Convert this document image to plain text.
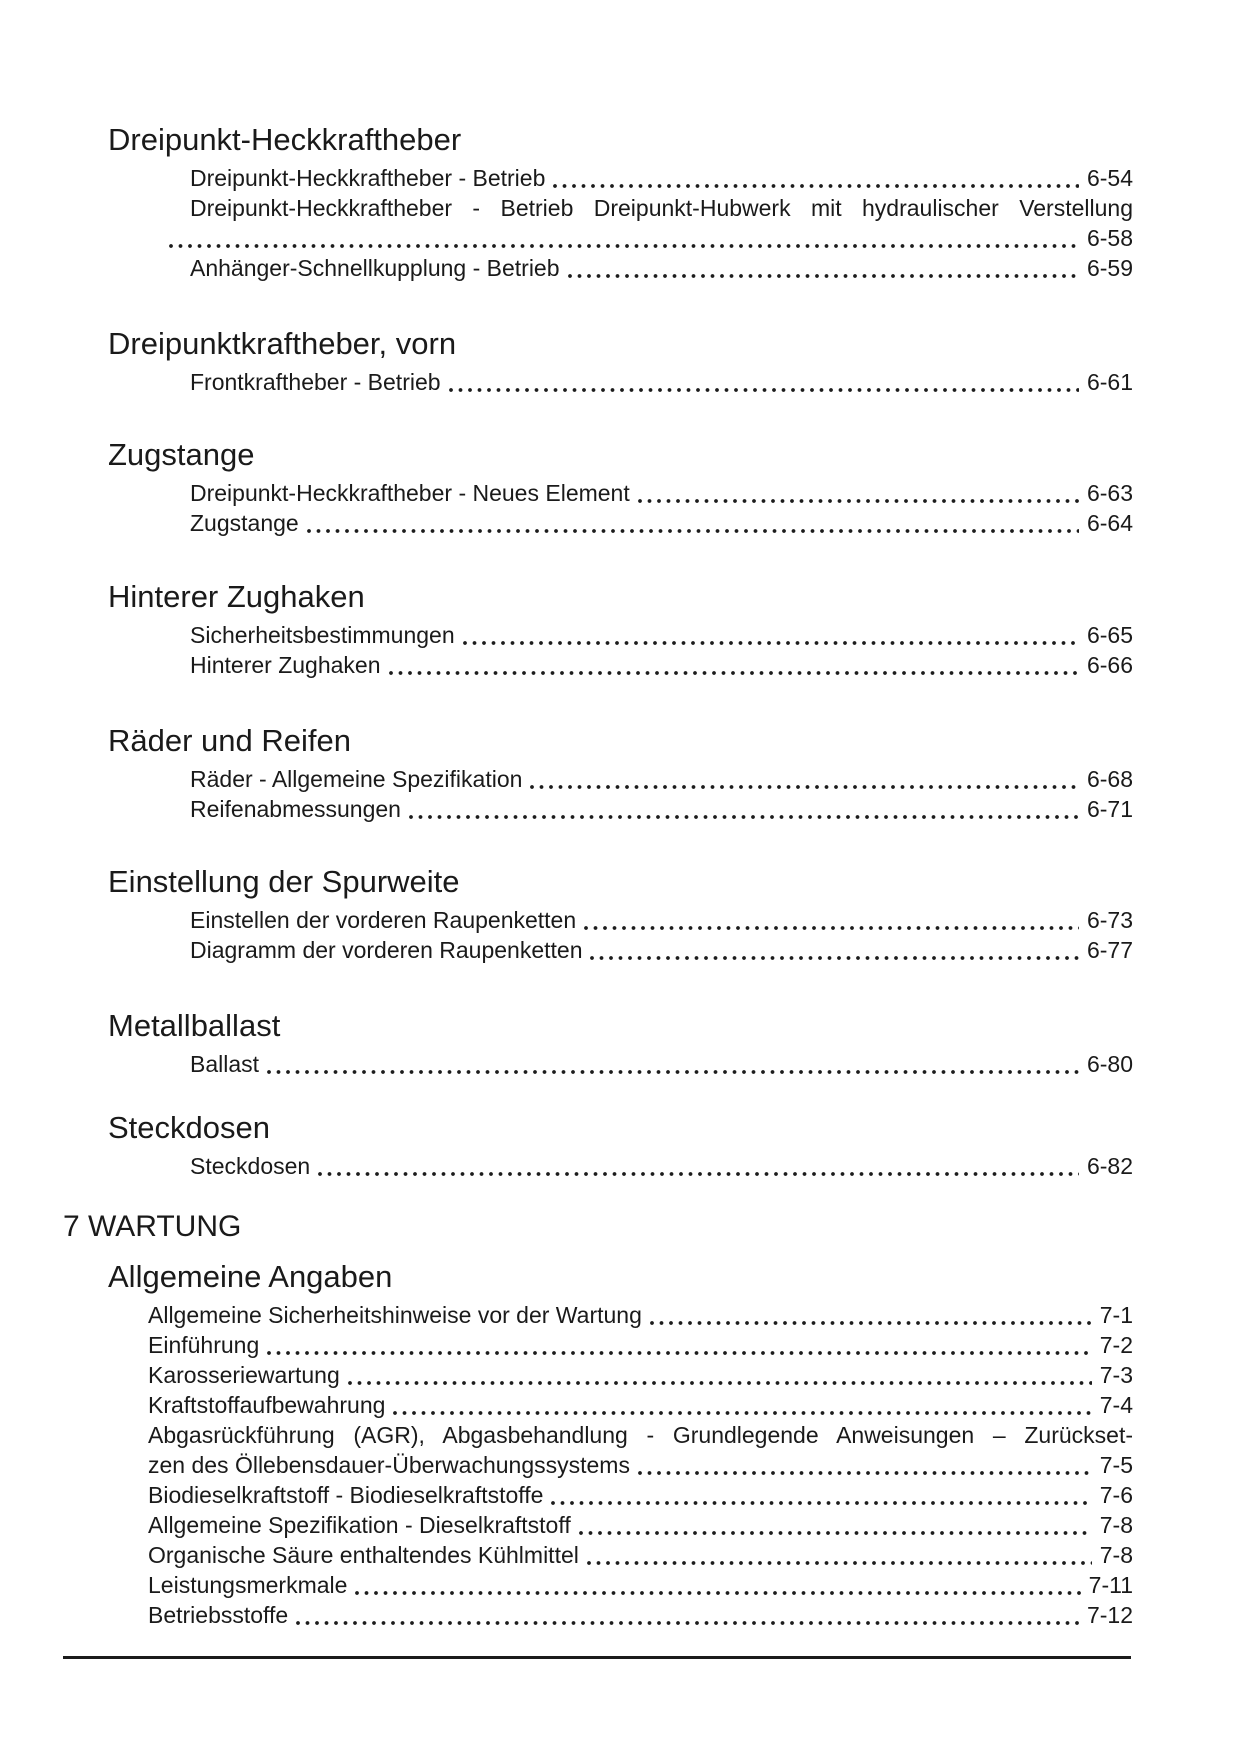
Dreipunkt-Heckkraftheber
Dreipunkt-Heckkraftheber - Betrieb	6-54
Dreipunkt-Heckkraftheber - Betrieb Dreipunkt-Hubwerk mit hydraulischer Verstellung
6-58
Anhänger-Schnellkupplung - Betrieb	6-59
Dreipunktkraftheber, vorn
Frontkraftheber - Betrieb	6-61
Zugstange
Dreipunkt-Heckkraftheber - Neues Element	6-63
Zugstange	6-64
Hinterer Zughaken
Sicherheitsbestimmungen	6-65
Hinterer Zughaken	6-66
Räder und Reifen
Räder - Allgemeine Spezifikation	6-68
Reifenabmessungen	6-71
Einstellung der Spurweite
Einstellen der vorderen Raupenketten	6-73
Diagramm der vorderen Raupenketten	6-77
Metallballast
Ballast	6-80
Steckdosen
Steckdosen	6-82
7 WARTUNG
Allgemeine Angaben
Allgemeine Sicherheitshinweise vor der Wartung	7-1
Einführung	7-2
Karosseriewartung	7-3
Kraftstoffaufbewahrung	7-4
Abgasrückführung (AGR), Abgasbehandlung - Grundlegende Anweisungen – Zurückset-
zen des Öllebensdauer-Überwachungssystems	7-5
Biodieselkraftstoff - Biodieselkraftstoffe	7-6
Allgemeine Spezifikation - Dieselkraftstoff	7-8
Organische Säure enthaltendes Kühlmittel	7-8
Leistungsmerkmale	7-11
Betriebsstoffe	7-12
